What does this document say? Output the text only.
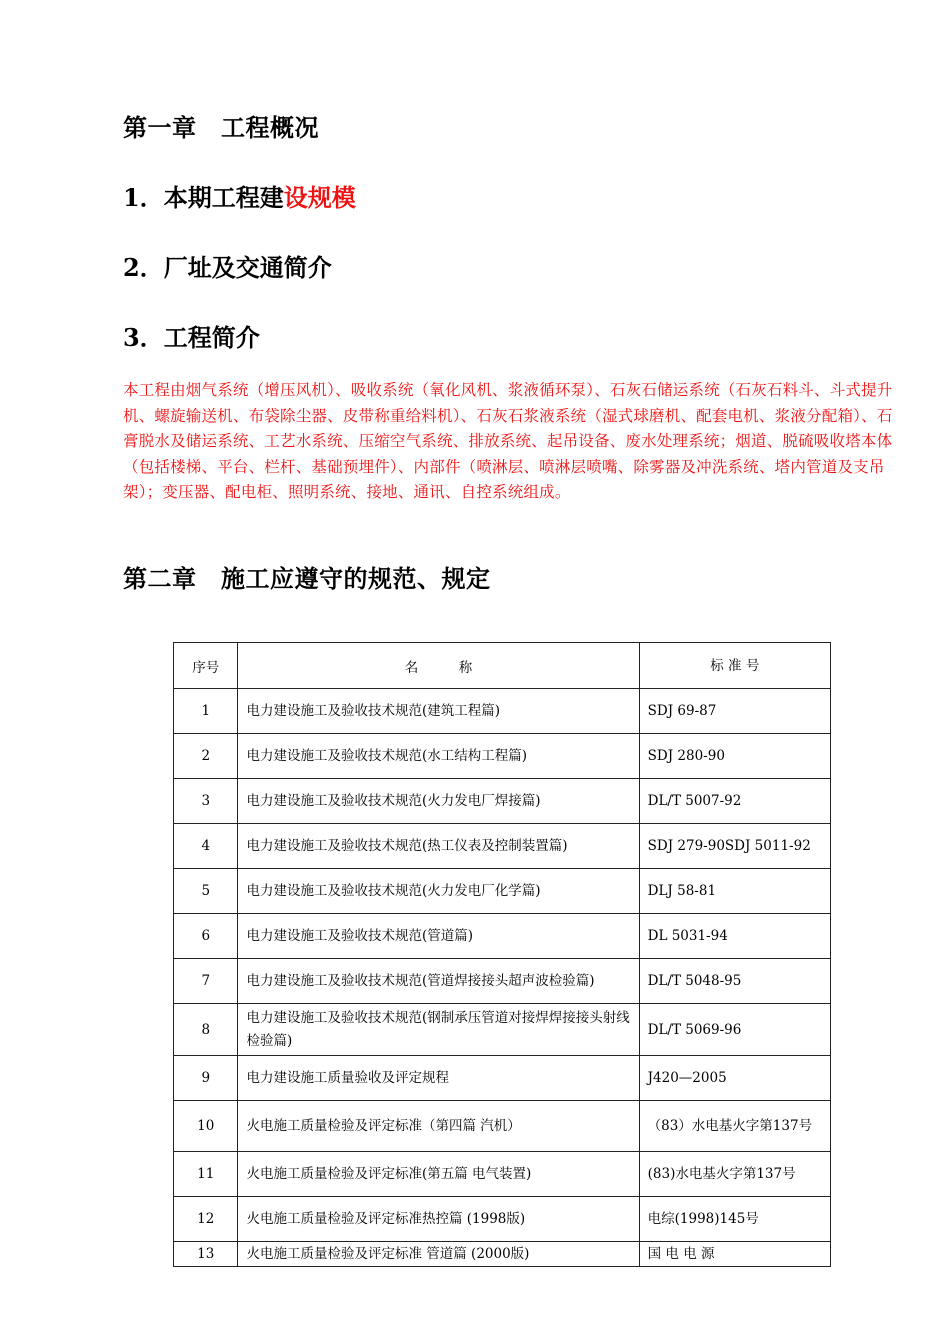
第一章　工程概况
1．本期工程建设规模
2．厂址及交通简介
3．工程简介

本工程由烟气系统（增压风机）、吸收系统（氧化风机、浆液循环泵）、石灰石储运系统（石灰石料斗、斗式提升机、螺旋输送机、布袋除尘器、皮带称重给料机）、石灰石浆液系统（湿式球磨机、配套电机、浆液分配箱）、石膏脱水及储运系统、工艺水系统、压缩空气系统、排放系统、起吊设备、废水处理系统；烟道、脱硫吸收塔本体（包括楼梯、平台、栏杆、基础预埋件）、内部件（喷淋层、喷淋层喷嘴、除雾器及冲洗系统、塔内管道及支吊架）；变压器、配电柜、照明系统、接地、通讯、自控系统组成。

第二章　施工应遵守的规范、规定
序号	名　　　称	标 准 号
1	电力建设施工及验收技术规范(建筑工程篇)	SDJ 69-87
2	电力建设施工及验收技术规范(水工结构工程篇)	SDJ 280-90
3	电力建设施工及验收技术规范(火力发电厂焊接篇)	DL/T 5007-92
4	电力建设施工及验收技术规范(热工仪表及控制装置篇)	SDJ 279-90SDJ 5011-92
5	电力建设施工及验收技术规范(火力发电厂化学篇)	DLJ 58-81
6	电力建设施工及验收技术规范(管道篇)	DL 5031-94
7	电力建设施工及验收技术规范(管道焊接接头超声波检验篇)	DL/T 5048-95
8	电力建设施工及验收技术规范(钢制承压管道对接焊焊接接头射线检验篇)	DL/T 5069-96
9	电力建设施工质量验收及评定规程	J420—2005
10	火电施工质量检验及评定标准（第四篇 汽机）	（83）水电基火字第137号
11	火电施工质量检验及评定标准(第五篇 电气装置)	(83)水电基火字第137号
12	火电施工质量检验及评定标准热控篇 (1998版)	电综(1998)145号
13	火电施工质量检验及评定标准 管道篇 (2000版)	国 电 电 源
